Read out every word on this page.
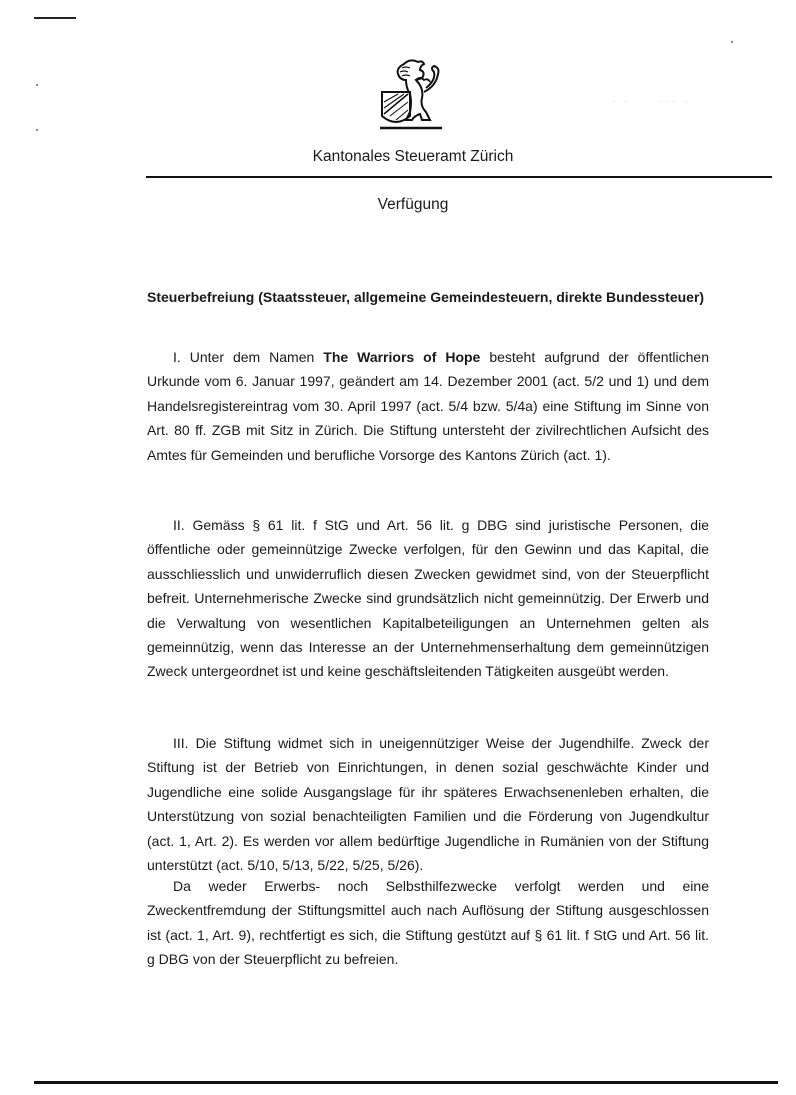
· ·     ··· ·
Kantonales Steueramt Zürich
Verfügung
Steuerbefreiung (Staatssteuer, allgemeine Gemeindesteuern, direkte Bundessteuer)
I. Unter dem Namen The Warriors of Hope besteht aufgrund der öffentlichen Urkunde vom 6. Januar 1997, geändert am 14. Dezember 2001 (act. 5/2 und 1) und dem Handelsregistereintrag vom 30. April 1997 (act. 5/4 bzw. 5/4a) eine Stiftung im Sinne von Art. 80 ff. ZGB mit Sitz in Zürich. Die Stiftung untersteht der zivilrechtlichen Aufsicht des Amtes für Gemeinden und berufliche Vorsorge des Kantons Zürich (act. 1).
II. Gemäss § 61 lit. f StG und Art. 56 lit. g DBG sind juristische Personen, die öffentliche oder gemeinnützige Zwecke verfolgen, für den Gewinn und das Kapital, die ausschliesslich und unwiderruflich diesen Zwecken gewidmet sind, von der Steuerpflicht befreit. Unternehmerische Zwecke sind grundsätzlich nicht gemeinnützig. Der Erwerb und die Verwaltung von wesentlichen Kapitalbeteiligungen an Unternehmen gelten als gemeinnützig, wenn das Interesse an der Unternehmenserhaltung dem gemeinnützigen Zweck untergeordnet ist und keine geschäftsleitenden Tätigkeiten ausgeübt werden.
III. Die Stiftung widmet sich in uneigennütziger Weise der Jugendhilfe. Zweck der Stiftung ist der Betrieb von Einrichtungen, in denen sozial geschwächte Kinder und Jugendliche eine solide Ausgangslage für ihr späteres Erwachsenenleben erhalten, die Unterstützung von sozial benachteiligten Familien und die Förderung von Jugendkultur (act. 1, Art. 2). Es werden vor allem bedürftige Jugendliche in Rumänien von der Stiftung unterstützt (act. 5/10, 5/13, 5/22, 5/25, 5/26).
Da weder Erwerbs- noch Selbsthilfezwecke verfolgt werden und eine Zweckentfremdung der Stiftungsmittel auch nach Auflösung der Stiftung ausgeschlossen ist (act. 1, Art. 9), rechtfertigt es sich, die Stiftung gestützt auf § 61 lit. f StG und Art. 56 lit. g DBG von der Steuerpflicht zu befreien.
